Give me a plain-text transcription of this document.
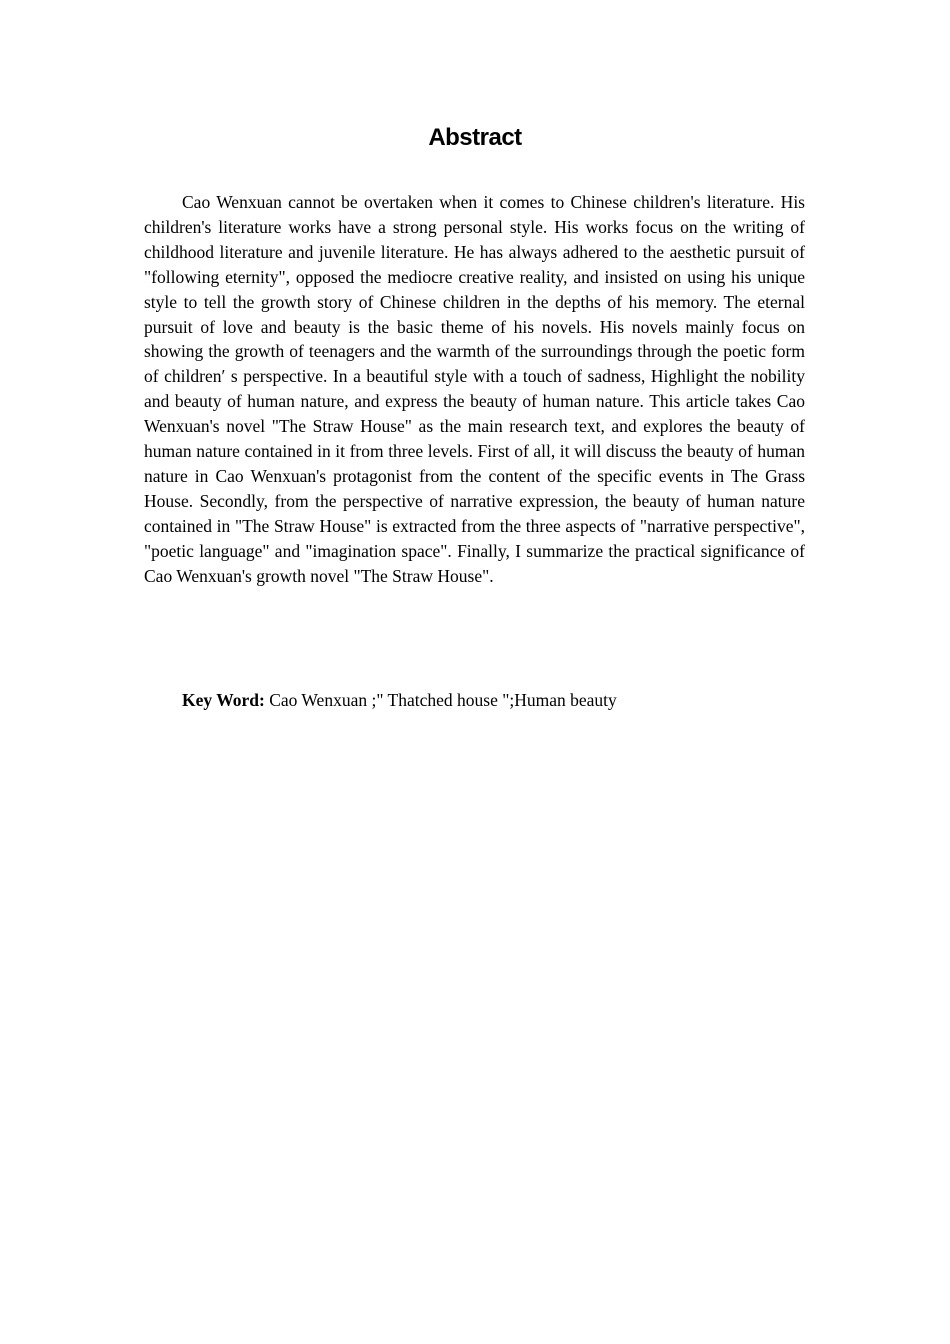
Abstract

Cao Wenxuan cannot be overtaken when it comes to Chinese children's literature. His children's literature works have a strong personal style. His works focus on the writing of childhood literature and juvenile literature. He has always adhered to the aesthetic pursuit of "following eternity", opposed the mediocre creative reality, and insisted on using his unique style to tell the growth story of Chinese children in the depths of his memory. The eternal pursuit of love and beauty is the basic theme of his novels. His novels mainly focus on showing the growth of teenagers and the warmth of the surroundings through the poetic form of children′ s perspective. In a beautiful style with a touch of sadness, Highlight the nobility and beauty of human nature, and express the beauty of human nature. This article takes Cao Wenxuan's novel "The Straw House" as the main research text, and explores the beauty of human nature contained in it from three levels. First of all, it will discuss the beauty of human nature in Cao Wenxuan's protagonist from the content of the specific events in The Grass House. Secondly, from the perspective of narrative expression, the beauty of human nature contained in "The Straw House" is extracted from the three aspects of "narrative perspective", "poetic language" and "imagination space". Finally, I summarize the practical significance of Cao Wenxuan's growth novel "The Straw House".

Key Word: Cao Wenxuan ;" Thatched house ";Human beauty
